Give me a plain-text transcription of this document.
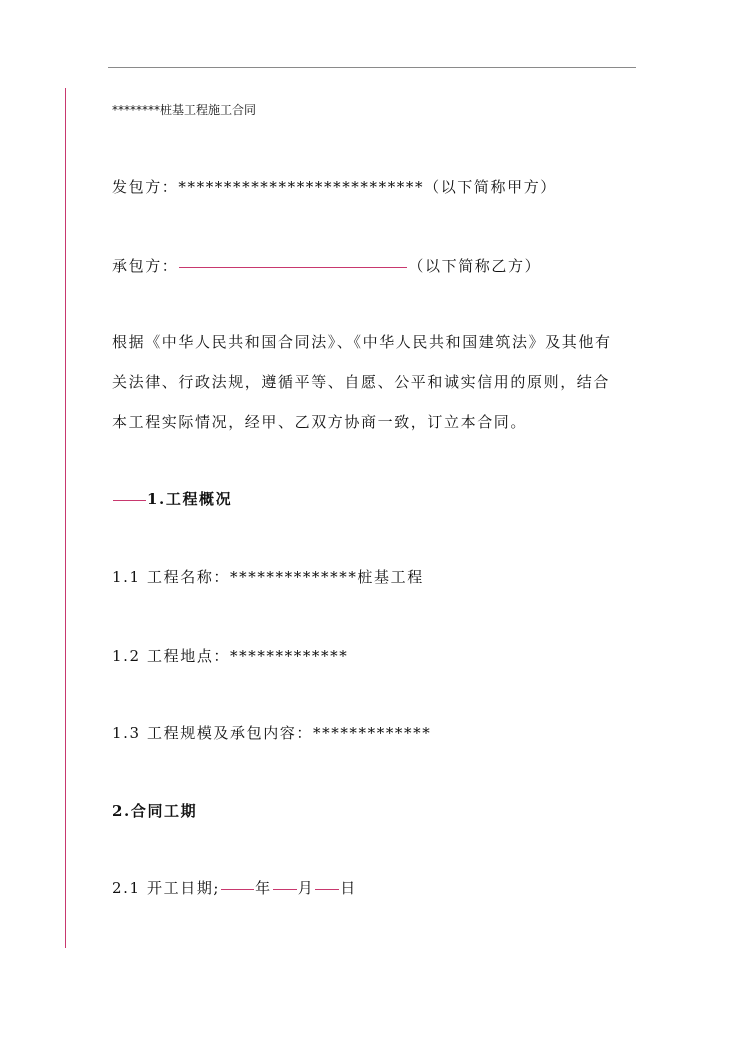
********桩基工程施工合同
发包方：***************************（以下简称甲方）
承包方：	（以下简称乙方）
根据《中华人民共和国合同法》、《中华人民共和国建筑法》及其他有
关法律、行政法规，遵循平等、自愿、公平和诚实信用的原则，结合
本工程实际情况，经甲、乙双方协商一致，订立本合同。
1.工程概况
1.1 工程名称：**************桩基工程
1.2 工程地点：*************
1.3 工程规模及承包内容：*************
2.合同工期
2.1 开工日期; 年 月 日
